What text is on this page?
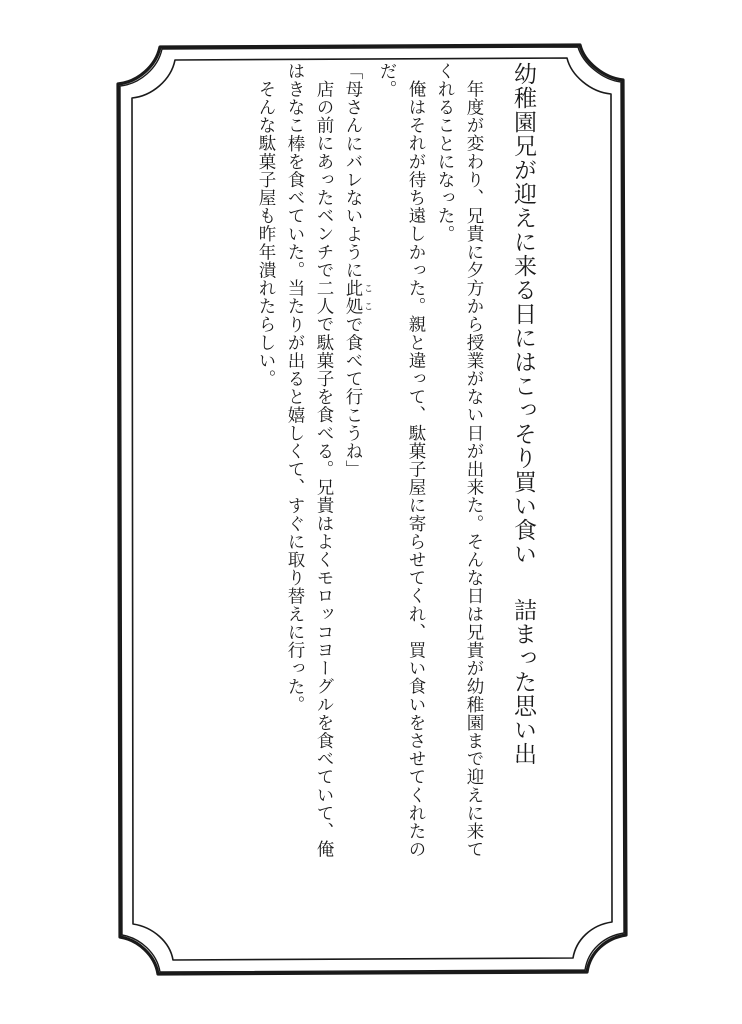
幼稚園兄が迎えに来る日にはこっそり買い食い詰まった思い出

年度が変わり、兄貴に夕方から授業がない日が出来た。そんな日は兄貴が幼稚園まで迎えに来てくれることになった。

俺はそれが待ち遠しかった。親と違って、駄菓子屋に寄らせてくれ、買い食いをさせてくれたのだ。

「母さんにバレないように此処 ここで食べて行こうね」

店の前にあったベンチで二人で駄菓子を食べる。兄貴はよくモロッコヨーグルを食べていて、俺はきなこ棒を食べていた。当たりが出ると嬉しくて、すぐに取り替えに行った。

そんな駄菓子屋も昨年潰れたらしい。
